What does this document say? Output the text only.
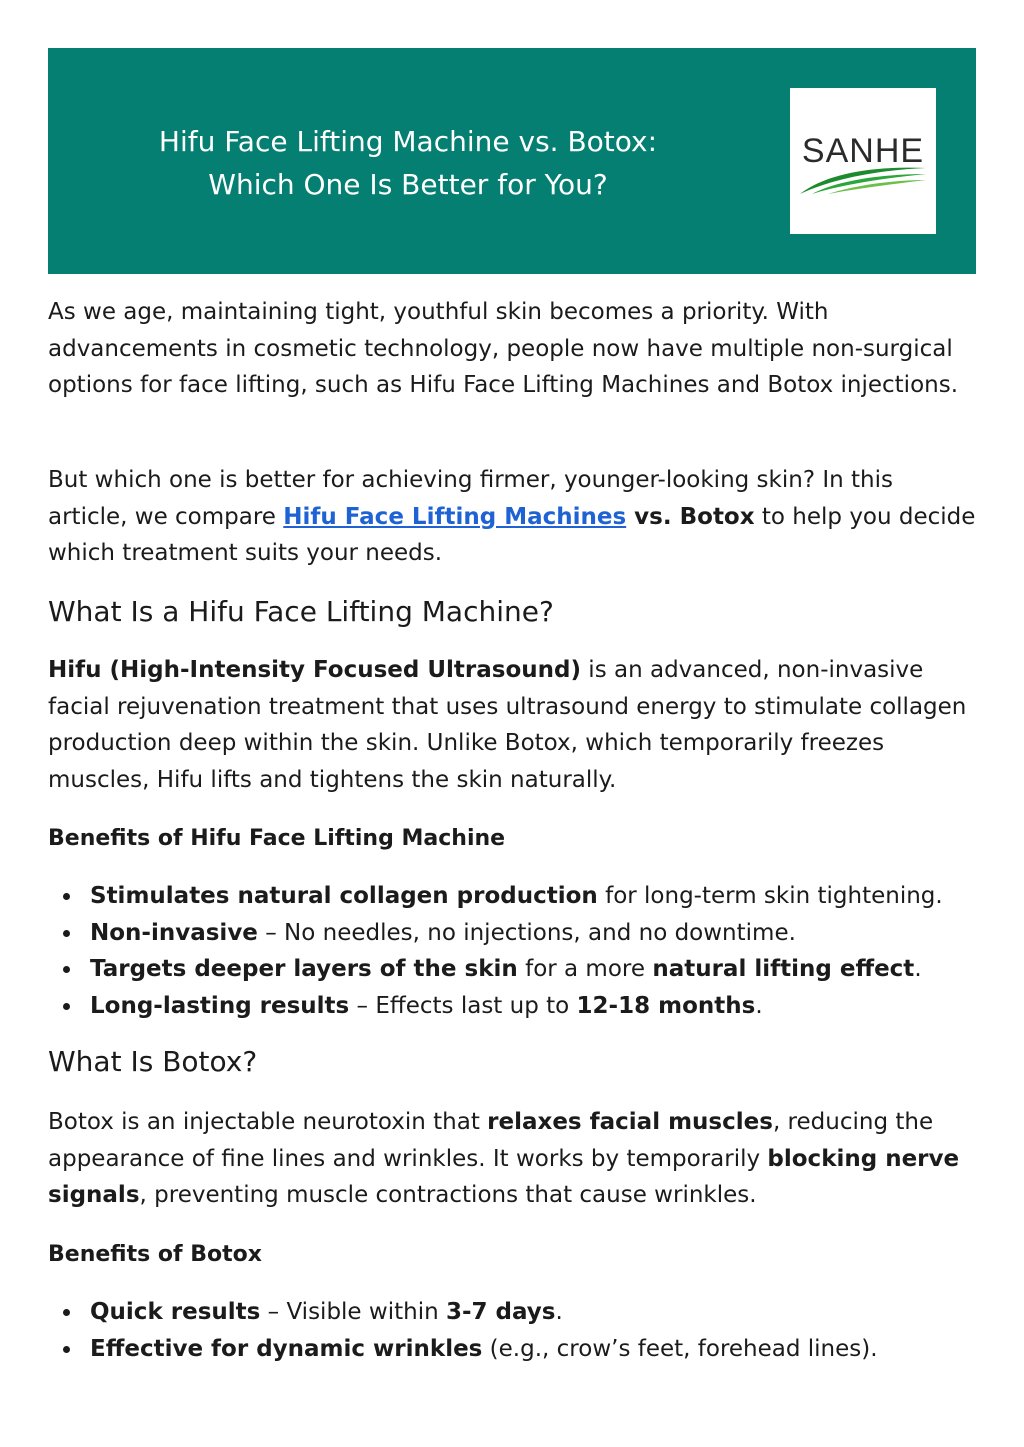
Hifu Face Lifting Machine vs. Botox: Which One Is Better for You?
SANHE

As we age, maintaining tight, youthful skin becomes a priority. With advancements in cosmetic technology, people now have multiple non-surgical options for face lifting, such as Hifu Face Lifting Machines and Botox injections.

But which one is better for achieving firmer, younger-looking skin? In this article, we compare Hifu Face Lifting Machines vs. Botox to help you decide which treatment suits your needs.

What Is a Hifu Face Lifting Machine?

Hifu (High-Intensity Focused Ultrasound) is an advanced, non-invasive facial rejuvenation treatment that uses ultrasound energy to stimulate collagen production deep within the skin. Unlike Botox, which temporarily freezes muscles, Hifu lifts and tightens the skin naturally.

Benefits of Hifu Face Lifting Machine
Stimulates natural collagen production for long-term skin tightening.
Non-invasive – No needles, no injections, and no downtime.
Targets deeper layers of the skin for a more natural lifting effect.
Long-lasting results – Effects last up to 12-18 months.
What Is Botox?

Botox is an injectable neurotoxin that relaxes facial muscles, reducing the appearance of fine lines and wrinkles. It works by temporarily blocking nerve signals, preventing muscle contractions that cause wrinkles.

Benefits of Botox
Quick results – Visible within 3-7 days.
Effective for dynamic wrinkles (e.g., crow’s feet, forehead lines).
